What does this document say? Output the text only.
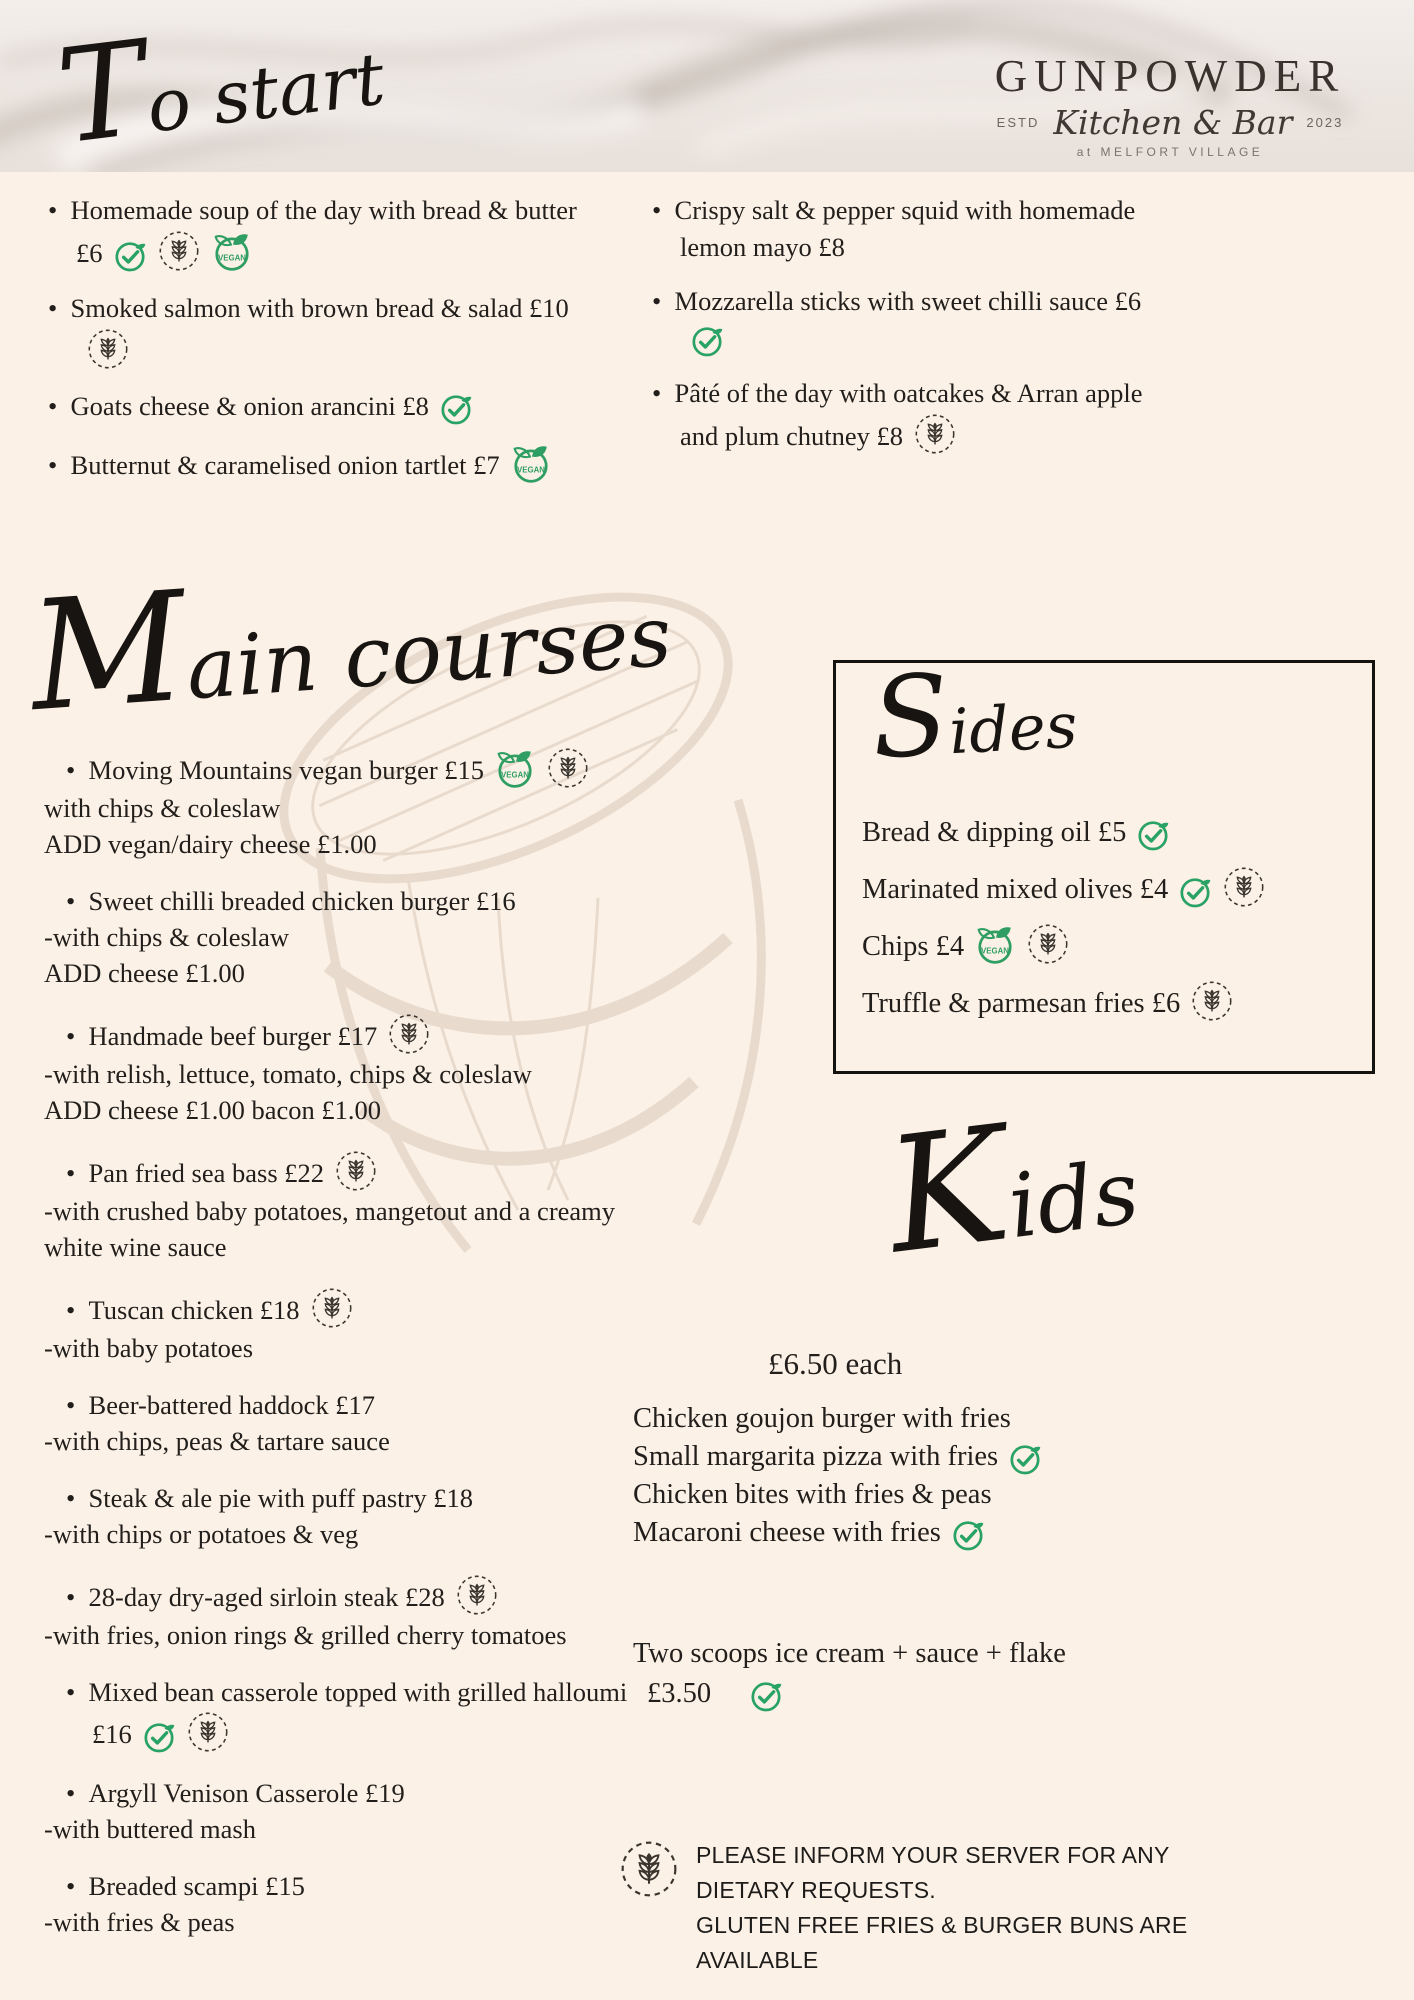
To start	GUNPOWDER
ESTD Kitchen & Bar 2023
at MELFORT VILLAGE
•  Homemade soup of the day with bread & butter £6	VEGAN
•  Smoked salmon with brown bread & salad £10
•  Goats cheese & onion arancini £8
•  Butternut & caramelised onion tartlet £7 VEGAN
•  Crispy salt & pepper squid with homemade lemon mayo £8
•  Mozzarella sticks with sweet chilli sauce £6
•  Pâté of the day with oatcakes & Arran apple and plum chutney £8
Main courses
•  Moving Mountains vegan burger £15 VEGAN
with chips & coleslaw
ADD vegan/dairy cheese £1.00
•  Sweet chilli breaded chicken burger £16
-with chips & coleslaw
ADD cheese £1.00
•  Handmade beef burger £17
-with relish, lettuce, tomato, chips & coleslaw
ADD cheese £1.00 bacon £1.00
•  Pan fried sea bass £22
-with crushed baby potatoes, mangetout and a creamy white wine sauce
•  Tuscan chicken £18
-with baby potatoes
•  Beer-battered haddock £17
-with chips, peas & tartare sauce
•  Steak & ale pie with puff pastry £18
-with chips or potatoes & veg
•  28-day dry-aged sirloin steak £28
-with fries, onion rings & grilled cherry tomatoes
•  Mixed bean casserole topped with grilled halloumi £16
•  Argyll Venison Casserole £19
-with buttered mash
•  Breaded scampi £15
-with fries & peas
Sides
Bread & dipping oil £5
Marinated mixed olives £4
Chips £4 VEGAN
Truffle & parmesan fries £6
Kids
£6.50 each
Chicken goujon burger with fries
Small margarita pizza with fries
Chicken bites with fries & peas
Macaroni cheese with fries
Two scoops ice cream + sauce + flake
£3.50
PLEASE INFORM YOUR SERVER FOR ANY DIETARY REQUESTS.
GLUTEN FREE FRIES & BURGER BUNS ARE AVAILABLE
